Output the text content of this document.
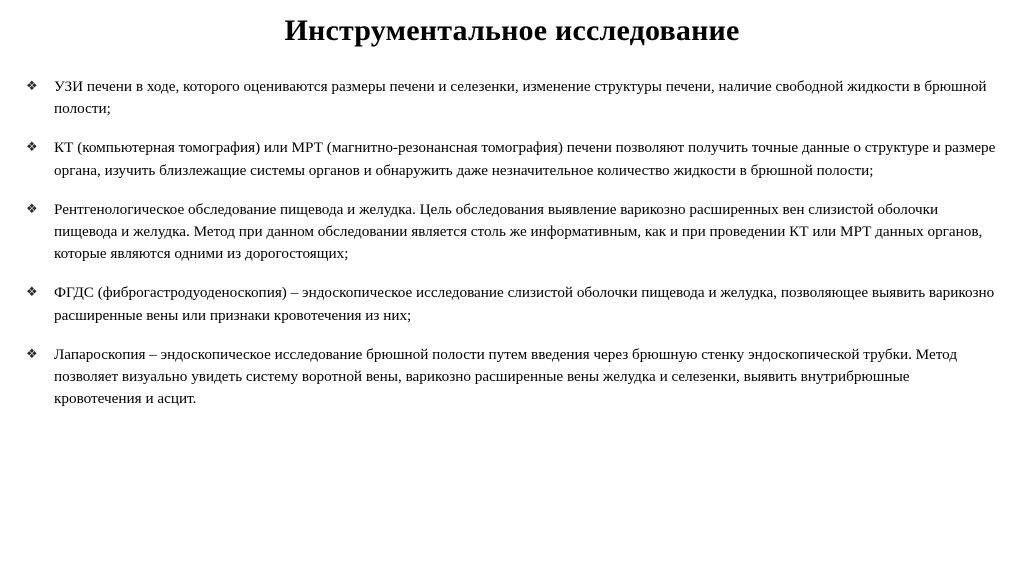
Инструментальное исследование
❖ УЗИ печени в ходе, которого оцениваются размеры печени и селезенки, изменение структуры печени, наличие свободной жидкости в брюшной полости;
❖ КТ (компьютерная томография) или МРТ (магнитно-резонансная томография) печени позволяют получить точные данные о структуре и размере органа, изучить близлежащие системы органов и обнаружить даже незначительное количество жидкости в брюшной полости;
❖ Рентгенологическое обследование пищевода и желудка. Цель обследования выявление варикозно расширенных вен слизистой оболочки пищевода и желудка. Метод при данном обследовании является столь же информативным, как и при проведении КТ или МРТ данных органов, которые являются одними из дорогостоящих;
❖ ФГДС (фиброгастродуоденоскопия) – эндоскопическое исследование слизистой оболочки пищевода и желудка, позволяющее выявить варикозно расширенные вены или признаки кровотечения из них;
❖ Лапароскопия – эндоскопическое исследование брюшной полости путем введения через брюшную стенку эндоскопической трубки. Метод позволяет визуально увидеть систему воротной вены, варикозно расширенные вены желудка и селезенки, выявить внутрибрюшные кровотечения и асцит.
